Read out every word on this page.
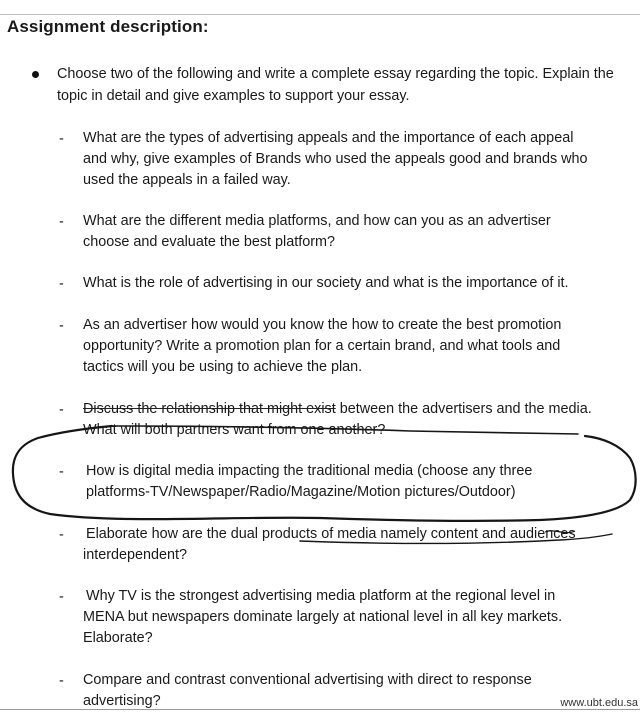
Assignment description:
Choose two of the following and write a complete essay regarding the topic. Explain the topic in detail and give examples to support your essay.
- What are the types of advertising appeals and the importance of each appeal
and why, give examples of Brands who used the appeals good and brands who
used the appeals in a failed way.
- What are the different media platforms, and how can you as an advertiser
choose and evaluate the best platform?
- What is the role of advertising in our society and what is the importance of it.
- As an advertiser how would you know the how to create the best promotion
opportunity? Write a promotion plan for a certain brand, and what tools and
tactics will you be using to achieve the plan.
- Discuss the relationship that might exist between the advertisers and the media.
What will both partners want from one another?
- How is digital media impacting the traditional media (choose any three
platforms-TV/Newspaper/Radio/Magazine/Motion pictures/Outdoor)
- Elaborate how are the dual products of media namely content and audiences
interdependent?
- Why TV is the strongest advertising media platform at the regional level in
MENA but newspapers dominate largely at national level in all key markets.
Elaborate?
- Compare and contrast conventional advertising with direct to response
advertising?	www.ubt.edu.sa
